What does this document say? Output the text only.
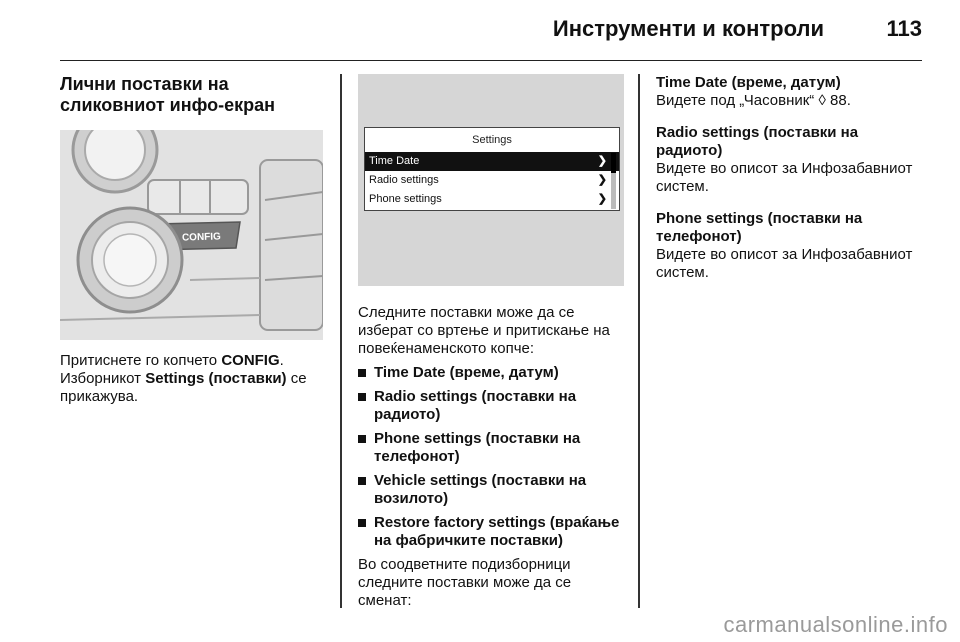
Инструменти и контроли	113
Лични поставки на сликовниот инфо-екран
CONFIG

Притиснете го копчето CONFIG.
Изборникот Settings (поставки) се прикажува.

Settings
Time Date	❯
Radio settings	❯
Phone settings	❯

Следните поставки може да се изберат со вртење и притискање на повеќенаменското копче:

Time Date (време, датум)
Radio settings (поставки на радиото)
Phone settings (поставки на телефонот)
Vehicle settings (поставки на возилото)
Restore factory settings (враќање на фабричките поставки)

Во соодветните подизборници следните поставки може да се сменат:

Time Date (време, датум)
Видете под „Часовник“ ◊ 88.
Radio settings (поставки на радиото)
Видете во описот за Инфозабавниот систем.
Phone settings (поставки на телефонот)
Видете во описот за Инфозабавниот систем.
carmanualsonline.info
